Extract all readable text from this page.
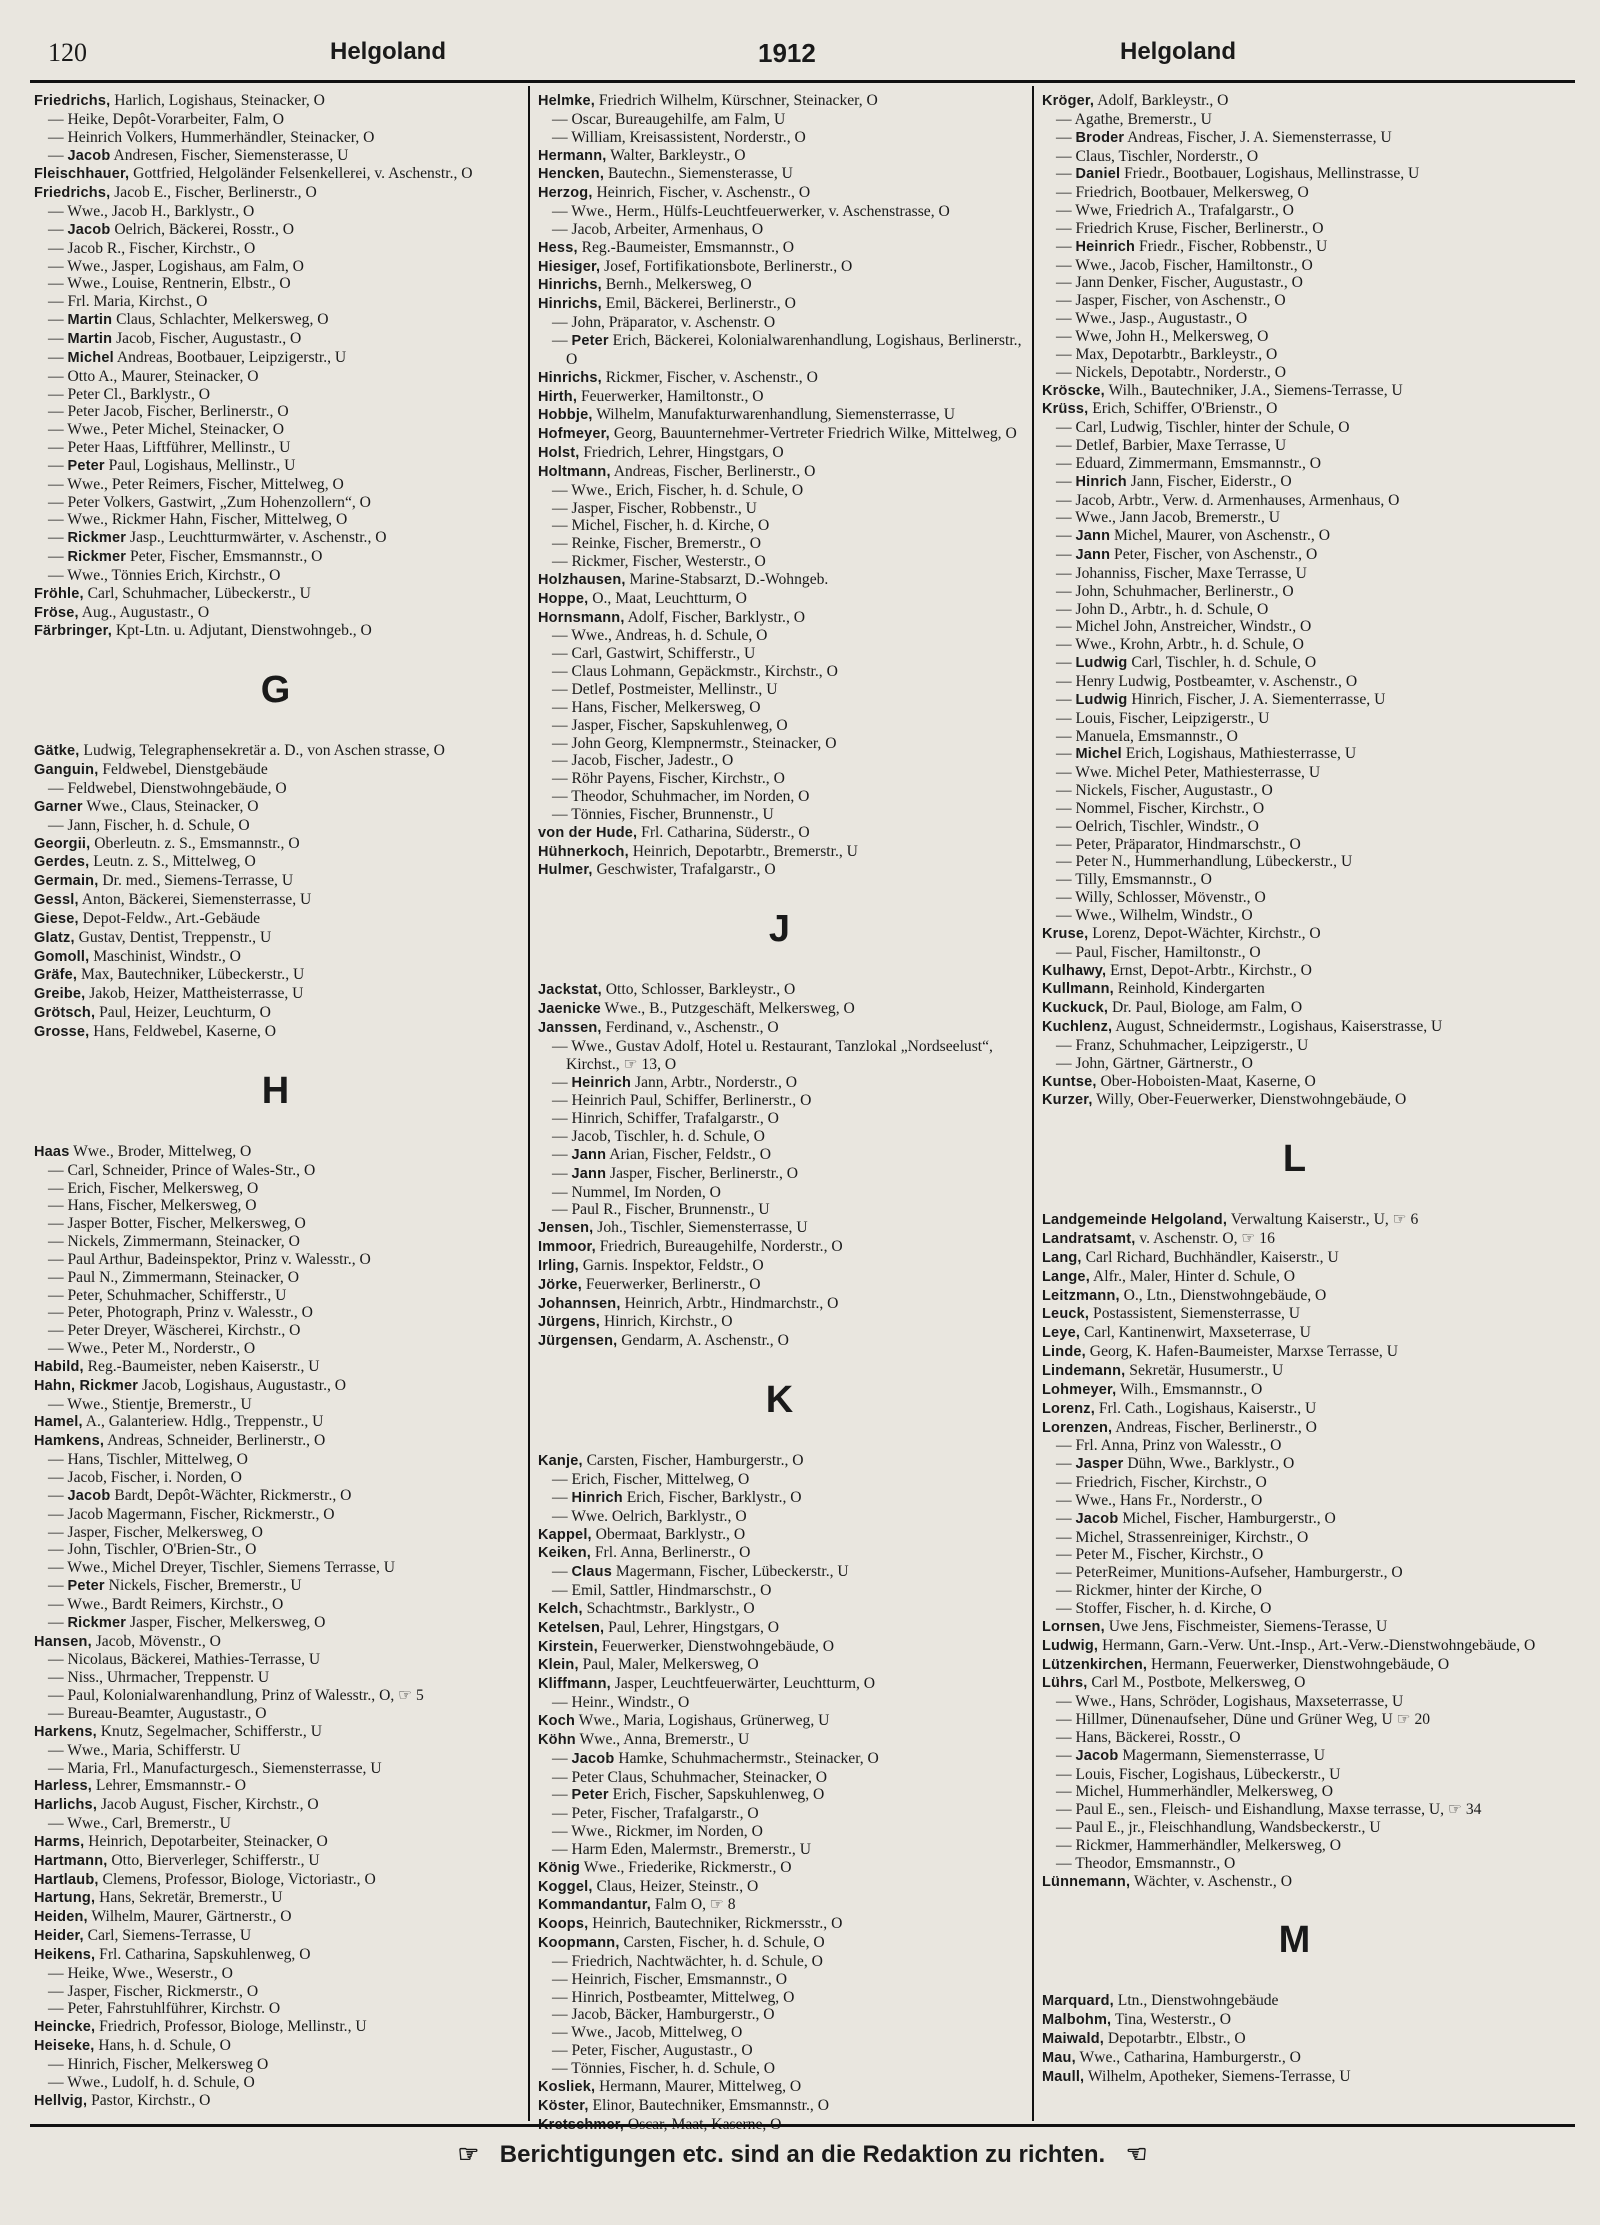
120	Helgoland	1912	Helgoland
Friedrichs, Harlich, Logishaus, Steinacker, O
— Heike, Depôt-Vorarbeiter, Falm, O
— Heinrich Volkers, Hummerhändler, Steinacker, O
— Jacob Andresen, Fischer, Siemensterasse, U
Fleischhauer, Gottfried, Helgoländer Felsenkellerei, v. Aschenstr., O
Friedrichs, Jacob E., Fischer, Berlinerstr., O
— Wwe., Jacob H., Barklystr., O
— Jacob Oelrich, Bäckerei, Rosstr., O
— Jacob R., Fischer, Kirchstr., O
— Wwe., Jasper, Logishaus, am Falm, O
— Wwe., Louise, Rentnerin, Elbstr., O
— Frl. Maria, Kirchst., O
— Martin Claus, Schlachter, Melkersweg, O
— Martin Jacob, Fischer, Augustastr., O
— Michel Andreas, Bootbauer, Leipzigerstr., U
— Otto A., Maurer, Steinacker, O
— Peter Cl., Barklystr., O
— Peter Jacob, Fischer, Berlinerstr., O
— Wwe., Peter Michel, Steinacker, O
— Peter Haas, Liftführer, Mellinstr., U
— Peter Paul, Logishaus, Mellinstr., U
— Wwe., Peter Reimers, Fischer, Mittelweg, O
— Peter Volkers, Gastwirt, „Zum Hohenzollern“, O
— Wwe., Rickmer Hahn, Fischer, Mittelweg, O
— Rickmer Jasp., Leuchtturmwärter, v. Aschenstr., O
— Rickmer Peter, Fischer, Emsmannstr., O
— Wwe., Tönnies Erich, Kirchstr., O
Fröhle, Carl, Schuhmacher, Lübeckerstr., U
Fröse, Aug., Augustastr., O
Färbringer, Kpt-Ltn. u. Adjutant, Dienstwohngeb., O
G
Gätke, Ludwig, Telegraphensekretär a. D., von Aschen strasse, O
Ganguin, Feldwebel, Dienstgebäude
— Feldwebel, Dienstwohngebäude, O
Garner Wwe., Claus, Steinacker, O
— Jann, Fischer, h. d. Schule, O
Georgii, Oberleutn. z. S., Emsmannstr., O
Gerdes, Leutn. z. S., Mittelweg, O
Germain, Dr. med., Siemens-Terrasse, U
Gessl, Anton, Bäckerei, Siemensterrasse, U
Giese, Depot-Feldw., Art.-Gebäude
Glatz, Gustav, Dentist, Treppenstr., U
Gomoll, Maschinist, Windstr., O
Gräfe, Max, Bautechniker, Lübeckerstr., U
Greibe, Jakob, Heizer, Mattheisterrasse, U
Grötsch, Paul, Heizer, Leuchturm, O
Grosse, Hans, Feldwebel, Kaserne, O
H
Haas Wwe., Broder, Mittelweg, O
— Carl, Schneider, Prince of Wales-Str., O
— Erich, Fischer, Melkersweg, O
— Hans, Fischer, Melkersweg, O
— Jasper Botter, Fischer, Melkersweg, O
— Nickels, Zimmermann, Steinacker, O
— Paul Arthur, Badeinspektor, Prinz v. Walesstr., O
— Paul N., Zimmermann, Steinacker, O
— Peter, Schuhmacher, Schifferstr., U
— Peter, Photograph, Prinz v. Walesstr., O
— Peter Dreyer, Wäscherei, Kirchstr., O
— Wwe., Peter M., Norderstr., O
Habild, Reg.-Baumeister, neben Kaiserstr., U
Hahn, Rickmer Jacob, Logishaus, Augustastr., O
— Wwe., Stientje, Bremerstr., U
Hamel, A., Galanteriew. Hdlg., Treppenstr., U
Hamkens, Andreas, Schneider, Berlinerstr., O
— Hans, Tischler, Mittelweg, O
— Jacob, Fischer, i. Norden, O
— Jacob Bardt, Depôt-Wächter, Rickmerstr., O
— Jacob Magermann, Fischer, Rickmerstr., O
— Jasper, Fischer, Melkersweg, O
— John, Tischler, O'Brien-Str., O
— Wwe., Michel Dreyer, Tischler, Siemens Terrasse, U
— Peter Nickels, Fischer, Bremerstr., U
— Wwe., Bardt Reimers, Kirchstr., O
— Rickmer Jasper, Fischer, Melkersweg, O
Hansen, Jacob, Mövenstr., O
— Nicolaus, Bäckerei, Mathies-Terrasse, U
— Niss., Uhrmacher, Treppenstr. U
— Paul, Kolonialwarenhandlung, Prinz of Walesstr., O, ☞ 5
— Bureau-Beamter, Augustastr., O
Harkens, Knutz, Segelmacher, Schifferstr., U
— Wwe., Maria, Schifferstr. U
— Maria, Frl., Manufacturgesch., Siemensterrasse, U
Harless, Lehrer, Emsmannstr.- O
Harlichs, Jacob August, Fischer, Kirchstr., O
— Wwe., Carl, Bremerstr., U
Harms, Heinrich, Depotarbeiter, Steinacker, O
Hartmann, Otto, Bierverleger, Schifferstr., U
Hartlaub, Clemens, Professor, Biologe, Victoriastr., O
Hartung, Hans, Sekretär, Bremerstr., U
Heiden, Wilhelm, Maurer, Gärtnerstr., O
Heider, Carl, Siemens-Terrasse, U
Heikens, Frl. Catharina, Sapskuhlenweg, O
— Heike, Wwe., Weserstr., O
— Jasper, Fischer, Rickmerstr., O
— Peter, Fahrstuhlführer, Kirchstr. O
Heincke, Friedrich, Professor, Biologe, Mellinstr., U
Heiseke, Hans, h. d. Schule, O
— Hinrich, Fischer, Melkersweg O
— Wwe., Ludolf, h. d. Schule, O
Hellvig, Pastor, Kirchstr., O
Helmke, Friedrich Wilhelm, Kürschner, Steinacker, O
— Oscar, Bureaugehilfe, am Falm, U
— William, Kreisassistent, Norderstr., O
Hermann, Walter, Barkleystr., O
Hencken, Bautechn., Siemensterasse, U
Herzog, Heinrich, Fischer, v. Aschenstr., O
— Wwe., Herm., Hülfs-Leuchtfeuerwerker, v. Aschenstrasse, O
— Jacob, Arbeiter, Armenhaus, O
Hess, Reg.-Baumeister, Emsmannstr., O
Hiesiger, Josef, Fortifikationsbote, Berlinerstr., O
Hinrichs, Bernh., Melkersweg, O
Hinrichs, Emil, Bäckerei, Berlinerstr., O
— John, Präparator, v. Aschenstr. O
— Peter Erich, Bäckerei, Kolonialwarenhandlung, Logishaus, Berlinerstr., O
Hinrichs, Rickmer, Fischer, v. Aschenstr., O
Hirth, Feuerwerker, Hamiltonstr., O
Hobbje, Wilhelm, Manufakturwarenhandlung, Siemensterrasse, U
Hofmeyer, Georg, Bauunternehmer-Vertreter Friedrich Wilke, Mittelweg, O
Holst, Friedrich, Lehrer, Hingstgars, O
Holtmann, Andreas, Fischer, Berlinerstr., O
— Wwe., Erich, Fischer, h. d. Schule, O
— Jasper, Fischer, Robbenstr., U
— Michel, Fischer, h. d. Kirche, O
— Reinke, Fischer, Bremerstr., O
— Rickmer, Fischer, Westerstr., O
Holzhausen, Marine-Stabsarzt, D.-Wohngeb.
Hoppe, O., Maat, Leuchtturm, O
Hornsmann, Adolf, Fischer, Barklystr., O
— Wwe., Andreas, h. d. Schule, O
— Carl, Gastwirt, Schifferstr., U
— Claus Lohmann, Gepäckmstr., Kirchstr., O
— Detlef, Postmeister, Mellinstr., U
— Hans, Fischer, Melkersweg, O
— Jasper, Fischer, Sapskuhlenweg, O
— John Georg, Klempnermstr., Steinacker, O
— Jacob, Fischer, Jadestr., O
— Röhr Payens, Fischer, Kirchstr., O
— Theodor, Schuhmacher, im Norden, O
— Tönnies, Fischer, Brunnenstr., U
von der Hude, Frl. Catharina, Süderstr., O
Hühnerkoch, Heinrich, Depotarbtr., Bremerstr., U
Hulmer, Geschwister, Trafalgarstr., O
J
Jackstat, Otto, Schlosser, Barkleystr., O
Jaenicke Wwe., B., Putzgeschäft, Melkersweg, O
Janssen, Ferdinand, v., Aschenstr., O
— Wwe., Gustav Adolf, Hotel u. Restaurant, Tanzlokal „Nordseelust“, Kirchst., ☞ 13, O
— Heinrich Jann, Arbtr., Norderstr., O
— Heinrich Paul, Schiffer, Berlinerstr., O
— Hinrich, Schiffer, Trafalgarstr., O
— Jacob, Tischler, h. d. Schule, O
— Jann Arian, Fischer, Feldstr., O
— Jann Jasper, Fischer, Berlinerstr., O
— Nummel, Im Norden, O
— Paul R., Fischer, Brunnenstr., U
Jensen, Joh., Tischler, Siemensterrasse, U
Immoor, Friedrich, Bureaugehilfe, Norderstr., O
Irling, Garnis. Inspektor, Feldstr., O
Jörke, Feuerwerker, Berlinerstr., O
Johannsen, Heinrich, Arbtr., Hindmarchstr., O
Jürgens, Hinrich, Kirchstr., O
Jürgensen, Gendarm, A. Aschenstr., O
K
Kanje, Carsten, Fischer, Hamburgerstr., O
— Erich, Fischer, Mittelweg, O
— Hinrich Erich, Fischer, Barklystr., O
— Wwe. Oelrich, Barklystr., O
Kappel, Obermaat, Barklystr., O
Keiken, Frl. Anna, Berlinerstr., O
— Claus Magermann, Fischer, Lübeckerstr., U
— Emil, Sattler, Hindmarschstr., O
Kelch, Schachtmstr., Barklystr., O
Ketelsen, Paul, Lehrer, Hingstgars, O
Kirstein, Feuerwerker, Dienstwohngebäude, O
Klein, Paul, Maler, Melkersweg, O
Kliffmann, Jasper, Leuchtfeuerwärter, Leuchtturm, O
— Heinr., Windstr., O
Koch Wwe., Maria, Logishaus, Grünerweg, U
Köhn Wwe., Anna, Bremerstr., U
— Jacob Hamke, Schuhmachermstr., Steinacker, O
— Peter Claus, Schuhmacher, Steinacker, O
— Peter Erich, Fischer, Sapskuhlenweg, O
— Peter, Fischer, Trafalgarstr., O
— Wwe., Rickmer, im Norden, O
— Harm Eden, Malermstr., Bremerstr., U
König Wwe., Friederike, Rickmerstr., O
Koggel, Claus, Heizer, Steinstr., O
Kommandantur, Falm O, ☞ 8
Koops, Heinrich, Bautechniker, Rickmersstr., O
Koopmann, Carsten, Fischer, h. d. Schule, O
— Friedrich, Nachtwächter, h. d. Schule, O
— Heinrich, Fischer, Emsmannstr., O
— Hinrich, Postbeamter, Mittelweg, O
— Jacob, Bäcker, Hamburgerstr., O
— Wwe., Jacob, Mittelweg, O
— Peter, Fischer, Augustastr., O
— Tönnies, Fischer, h. d. Schule, O
Kosliek, Hermann, Maurer, Mittelweg, O
Köster, Elinor, Bautechniker, Emsmannstr., O
Kröger, Adolf, Barkleystr., O
— Agathe, Bremerstr., U
— Broder Andreas, Fischer, J. A. Siemensterrasse, U
— Claus, Tischler, Norderstr., O
— Daniel Friedr., Bootbauer, Logishaus, Mellinstrasse, U
— Friedrich, Bootbauer, Melkersweg, O
— Wwe, Friedrich A., Trafalgarstr., O
— Friedrich Kruse, Fischer, Berlinerstr., O
— Heinrich Friedr., Fischer, Robbenstr., U
— Wwe., Jacob, Fischer, Hamiltonstr., O
— Jann Denker, Fischer, Augustastr., O
— Jasper, Fischer, von Aschenstr., O
— Wwe., Jasp., Augustastr., O
— Wwe, John H., Melkersweg, O
— Max, Depotarbtr., Barkleystr., O
— Nickels, Depotabtr., Norderstr., O
Kröscke, Wilh., Bautechniker, J.A., Siemens-Terrasse, U
Krüss, Erich, Schiffer, O'Brienstr., O
— Carl, Ludwig, Tischler, hinter der Schule, O
— Detlef, Barbier, Maxe Terrasse, U
— Eduard, Zimmermann, Emsmannstr., O
— Hinrich Jann, Fischer, Eiderstr., O
— Jacob, Arbtr., Verw. d. Armenhauses, Armenhaus, O
— Wwe., Jann Jacob, Bremerstr., U
— Jann Michel, Maurer, von Aschenstr., O
— Jann Peter, Fischer, von Aschenstr., O
— Johanniss, Fischer, Maxe Terrasse, U
— John, Schuhmacher, Berlinerstr., O
— John D., Arbtr., h. d. Schule, O
— Michel John, Anstreicher, Windstr., O
— Wwe., Krohn, Arbtr., h. d. Schule, O
— Ludwig Carl, Tischler, h. d. Schule, O
— Henry Ludwig, Postbeamter, v. Aschenstr., O
— Ludwig Hinrich, Fischer, J. A. Siementerrasse, U
— Louis, Fischer, Leipzigerstr., U
— Manuela, Emsmannstr., O
— Michel Erich, Logishaus, Mathiesterrasse, U
— Wwe. Michel Peter, Mathiesterrasse, U
— Nickels, Fischer, Augustastr., O
— Nommel, Fischer, Kirchstr., O
— Oelrich, Tischler, Windstr., O
— Peter, Präparator, Hindmarschstr., O
— Peter N., Hummerhandlung, Lübeckerstr., U
— Tilly, Emsmannstr., O
— Willy, Schlosser, Mövenstr., O
— Wwe., Wilhelm, Windstr., O
Kruse, Lorenz, Depot-Wächter, Kirchstr., O
— Paul, Fischer, Hamiltonstr., O
Kulhawy, Ernst, Depot-Arbtr., Kirchstr., O
Kullmann, Reinhold, Kindergarten
Kuckuck, Dr. Paul, Biologe, am Falm, O
Kuchlenz, August, Schneidermstr., Logishaus, Kaiserstrasse, U
— Franz, Schuhmacher, Leipzigerstr., U
— John, Gärtner, Gärtnerstr., O
Kuntse, Ober-Hoboisten-Maat, Kaserne, O
Kurzer, Willy, Ober-Feuerwerker, Dienstwohngebäude, O
L
Landgemeinde Helgoland, Verwaltung Kaiserstr., U, ☞ 6
Landratsamt, v. Aschenstr. O, ☞ 16
Lang, Carl Richard, Buchhändler, Kaiserstr., U
Lange, Alfr., Maler, Hinter d. Schule, O
Leitzmann, O., Ltn., Dienstwohngebäude, O
Leuck, Postassistent, Siemensterrasse, U
Leye, Carl, Kantinenwirt, Maxseterrase, U
Linde, Georg, K. Hafen-Baumeister, Marxse Terrasse, U
Lindemann, Sekretär, Husumerstr., U
Lohmeyer, Wilh., Emsmannstr., O
Lorenz, Frl. Cath., Logishaus, Kaiserstr., U
Lorenzen, Andreas, Fischer, Berlinerstr., O
— Frl. Anna, Prinz von Walesstr., O
— Jasper Dühn, Wwe., Barklystr., O
— Friedrich, Fischer, Kirchstr., O
— Wwe., Hans Fr., Norderstr., O
— Jacob Michel, Fischer, Hamburgerstr., O
— Michel, Strassenreiniger, Kirchstr., O
— Peter M., Fischer, Kirchstr., O
— PeterReimer, Munitions-Aufseher, Hamburgerstr., O
— Rickmer, hinter der Kirche, O
— Stoffer, Fischer, h. d. Kirche, O
Lornsen, Uwe Jens, Fischmeister, Siemens-Terasse, U
Ludwig, Hermann, Garn.-Verw. Unt.-Insp., Art.-Verw.-Dienstwohngebäude, O
Lützenkirchen, Hermann, Feuerwerker, Dienstwohngebäude, O
Lührs, Carl M., Postbote, Melkersweg, O
— Wwe., Hans, Schröder, Logishaus, Maxseterrasse, U
— Hillmer, Dünenaufseher, Düne und Grüner Weg, U ☞ 20
— Hans, Bäckerei, Rosstr., O
— Jacob Magermann, Siemensterrasse, U
— Louis, Fischer, Logishaus, Lübeckerstr., U
— Michel, Hummerhändler, Melkersweg, O
— Paul E., sen., Fleisch- und Eishandlung, Maxse terrasse, U, ☞ 34
— Paul E., jr., Fleischhandlung, Wandsbeckerstr., U
— Rickmer, Hammerhändler, Melkersweg, O
— Theodor, Emsmannstr., O
Lünnemann, Wächter, v. Aschenstr., O
M
Marquard, Ltn., Dienstwohngebäude
Malbohm, Tina, Westerstr., O
Maiwald, Depotarbtr., Elbstr., O
Mau, Wwe., Catharina, Hamburgerstr., O
Maull, Wilhelm, Apotheker, Siemens-Terrasse, U
☞ Berichtigungen etc. sind an die Redaktion zu richten. ☜
